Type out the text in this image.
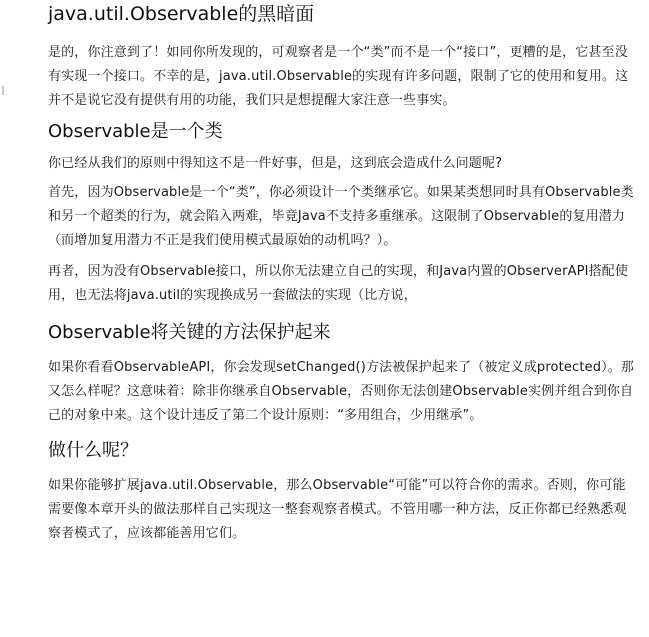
java.util.Observable的黑暗面

是的，你注意到了！如同你所发现的，可观察者是一个“类”而不是一个“接口”，更糟的是，它甚至没有实现一个接口。不幸的是，java.util.Observable的实现有许多问题，限制了它的使用和复用。这并不是说它没有提供有用的功能，我们只是想提醒大家注意一些事实。

Observable是一个类

你已经从我们的原则中得知这不是一件好事，但是，这到底会造成什么问题呢?

首先，因为Observable是一个“类”，你必须设计一个类继承它。如果某类想同时具有Observable类和另一个超类的行为，就会陷入两难，毕竟Java不支持多重继承。这限制了Observable的复用潜力（而增加复用潜力不正是我们使用模式最原始的动机吗？）。

再者，因为没有Observable接口，所以你无法建立自己的实现，和Java内置的ObserverAPI搭配使用，也无法将java.util的实现换成另一套做法的实现（比方说，

Observable将关键的方法保护起来

如果你看看ObservableAPI，你会发现setChanged()方法被保护起来了（被定义成protected）。那又怎么样呢？这意味着：除非你继承自Observable，否则你无法创建Observable实例并组合到你自己的对象中来。这个设计违反了第二个设计原则：“多用组合，少用继承”。

做什么呢？

如果你能够扩展java.util.Observable，那么Observable“可能”可以符合你的需求。否则，你可能需要像本章开头的做法那样自己实现这一整套观察者模式。不管用哪一种方法，反正你都已经熟悉观察者模式了，应该都能善用它们。
